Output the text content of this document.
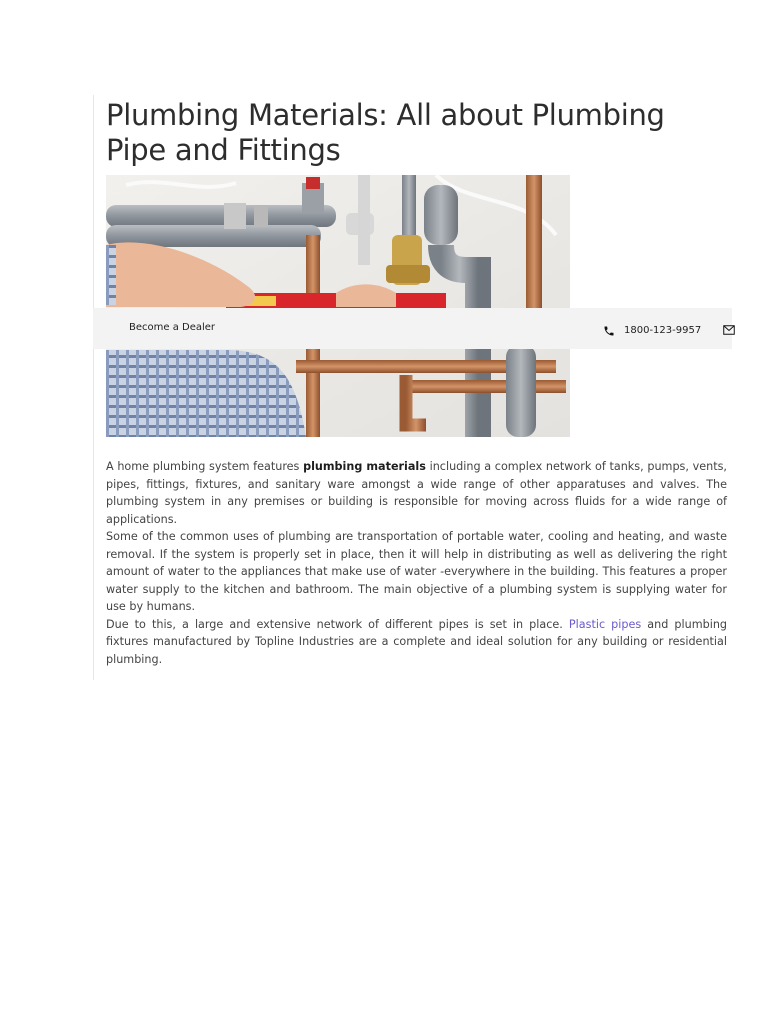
Plumbing Materials: All about Plumbing Pipe and Fittings
Become a Dealer	1800-123-9957

A home plumbing system features plumbing materials including a complex network of tanks, pumps, vents, pipes, fittings, fixtures, and sanitary ware amongst a wide range of other apparatuses and valves. The plumbing system in any premises or building is responsible for moving across fluids for a wide range of applications.

Some of the common uses of plumbing are transportation of portable water, cooling and heating, and waste removal. If the system is properly set in place, then it will help in distributing as well as delivering the right amount of water to the appliances that make use of water -everywhere in the building. This features a proper water supply to the kitchen and bathroom. The main objective of a plumbing system is supplying water for use by humans.

Due to this, a large and extensive network of different pipes is set in place. Plastic pipes and plumbing fixtures manufactured by Topline Industries are a complete and ideal solution for any building or residential plumbing.
